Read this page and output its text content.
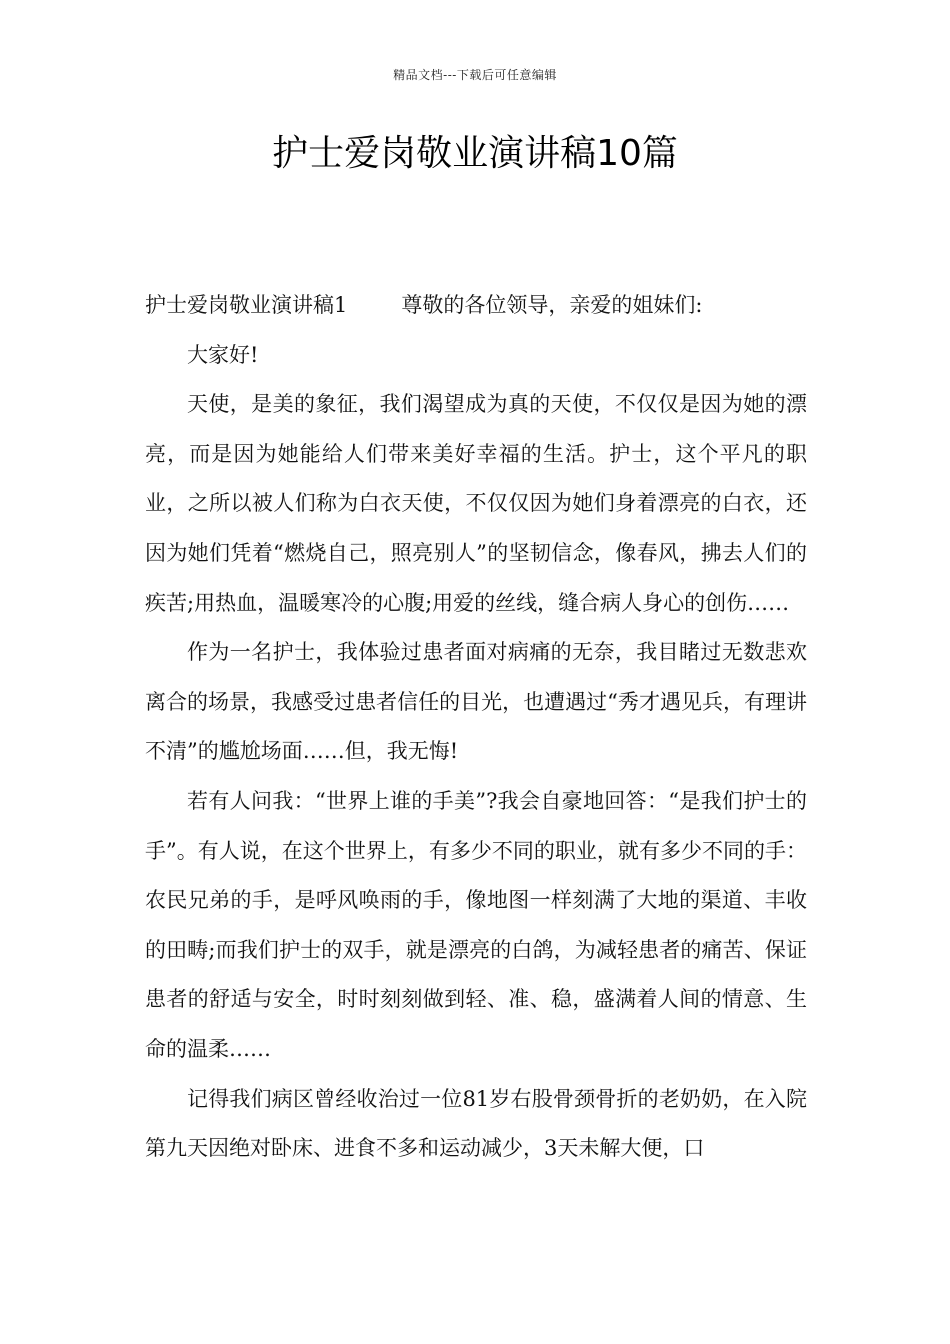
精品文档---下载后可任意编辑
护士爱岗敬业演讲稿10篇

护士爱岗敬业演讲稿1	尊敬的各位领导，亲爱的姐妹们:

大家好!

天使，是美的象征，我们渴望成为真的天使，不仅仅是因为她的漂亮，而是因为她能给人们带来美好幸福的生活。护士，这个平凡的职业，之所以被人们称为白衣天使，不仅仅因为她们身着漂亮的白衣，还因为她们凭着“燃烧自己，照亮别人”的坚韧信念，像春风，拂去人们的疾苦;用热血，温暖寒冷的心腹;用爱的丝线，缝合病人身心的创伤……

作为一名护士，我体验过患者面对病痛的无奈，我目睹过无数悲欢离合的场景，我感受过患者信任的目光，也遭遇过“秀才遇见兵，有理讲不清”的尴尬场面……但，我无悔!

若有人问我：“世界上谁的手美”?我会自豪地回答：“是我们护士的手”。有人说，在这个世界上，有多少不同的职业，就有多少不同的手：农民兄弟的手，是呼风唤雨的手，像地图一样刻满了大地的渠道、丰收的田畴;而我们护士的双手，就是漂亮的白鸽，为减轻患者的痛苦、保证患者的舒适与安全，时时刻刻做到轻、准、稳，盛满着人间的情意、生命的温柔……

记得我们病区曾经收治过一位81岁右股骨颈骨折的老奶奶，在入院第九天因绝对卧床、进食不多和运动减少，3天未解大便，口
